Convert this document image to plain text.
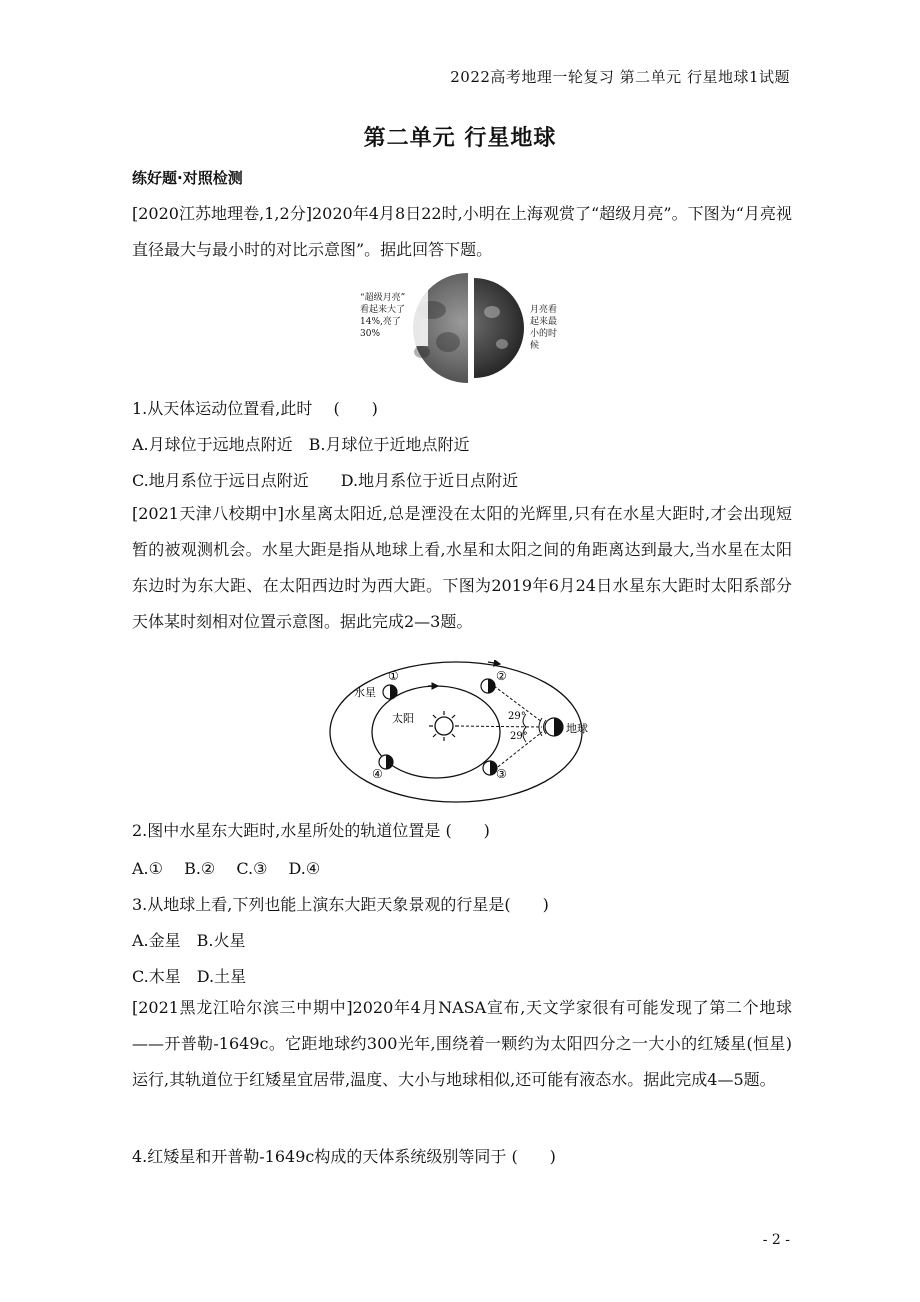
2022高考地理一轮复习 第二单元 行星地球1试题
第二单元 行星地球
练好题·对照检测
[2020江苏地理卷,1,2分]2020年4月8日22时,小明在上海观赏了“超级月亮”。下图为“月亮视直径最大与最小时的对比示意图”。据此回答下题。
“超级月亮” 看起来大了 14%,亮了 30%
月亮看 起来最 小的时 候
1.从天体运动位置看,此时　 (　　)
A.月球位于远地点附近　B.月球位于近地点附近
C.地月系位于远日点附近　　D.地月系位于近日点附近
[2021天津八校期中]水星离太阳近,总是湮没在太阳的光辉里,只有在水星大距时,才会出现短暂的被观测机会。水星大距是指从地球上看,水星和太阳之间的角距离达到最大,当水星在太阳东边时为东大距、在太阳西边时为西大距。下图为2019年6月24日水星东大距时太阳系部分天体某时刻相对位置示意图。据此完成2—3题。
太阳	29°
29°
地球
水星
①	②
③
④
2.图中水星东大距时,水星所处的轨道位置是 (　　)
A.①　 B.②　 C.③　 D.④
3.从地球上看,下列也能上演东大距天象景观的行星是(　　)
A.金星　B.火星
C.木星　D.土星
[2021黑龙江哈尔滨三中期中]2020年4月NASA宣布,天文学家很有可能发现了第二个地球——开普勒-1649c。它距地球约300光年,围绕着一颗约为太阳四分之一大小的红矮星(恒星)运行,其轨道位于红矮星宜居带,温度、大小与地球相似,还可能有液态水。据此完成4—5题。
4.红矮星和开普勒-1649c构成的天体系统级别等同于 (　　)
- 2 -
